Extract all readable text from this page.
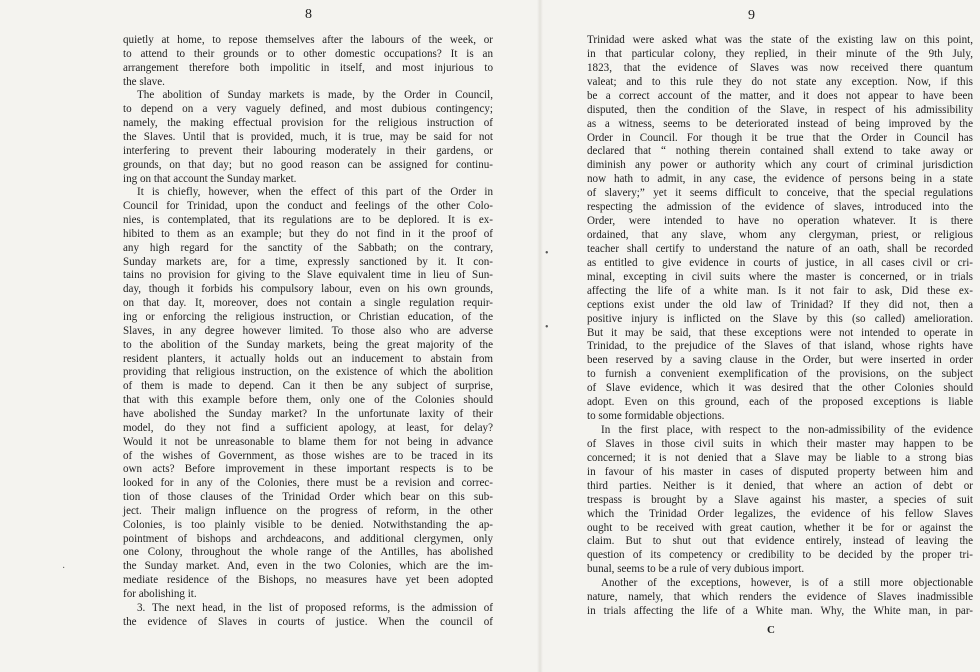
8
·
quietly at home, to repose themselves after the labours of the week, or
to attend to their grounds or to other domestic occupations? It is an
arrangement therefore both impolitic in itself, and most injurious to
the slave.
The abolition of Sunday markets is made, by the Order in Council,
to depend on a very vaguely defined, and most dubious contingency;
namely, the making effectual provision for the religious instruction of
the Slaves. Until that is provided, much, it is true, may be said for not
interfering to prevent their labouring moderately in their gardens, or
grounds, on that day; but no good reason can be assigned for continu-
ing on that account the Sunday market.
It is chiefly, however, when the effect of this part of the Order in
Council for Trinidad, upon the conduct and feelings of the other Colo-
nies, is contemplated, that its regulations are to be deplored. It is ex-
hibited to them as an example; but they do not find in it the proof of
any high regard for the sanctity of the Sabbath; on the contrary,
Sunday markets are, for a time, expressly sanctioned by it. It con-
tains no provision for giving to the Slave equivalent time in lieu of Sun-
day, though it forbids his compulsory labour, even on his own grounds,
on that day. It, moreover, does not contain a single regulation requir-
ing or enforcing the religious instruction, or Christian education, of the
Slaves, in any degree however limited. To those also who are adverse
to the abolition of the Sunday markets, being the great majority of the
resident planters, it actually holds out an inducement to abstain from
providing that religious instruction, on the existence of which the abolition
of them is made to depend. Can it then be any subject of surprise,
that with this example before them, only one of the Colonies should
have abolished the Sunday market? In the unfortunate laxity of their
model, do they not find a sufficient apology, at least, for delay?
Would it not be unreasonable to blame them for not being in advance
of the wishes of Government, as those wishes are to be traced in its
own acts? Before improvement in these important respects is to be
looked for in any of the Colonies, there must be a revision and correc-
tion of those clauses of the Trinidad Order which bear on this sub-
ject. Their malign influence on the progress of reform, in the other
Colonies, is too plainly visible to be denied. Notwithstanding the ap-
pointment of bishops and archdeacons, and additional clergymen, only
one Colony, throughout the whole range of the Antilles, has abolished
the Sunday market. And, even in the two Colonies, which are the im-
mediate residence of the Bishops, no measures have yet been adopted
for abolishing it.
3. The next head, in the list of proposed reforms, is the admission of
the evidence of Slaves in courts of justice. When the council of
9
•
•
C
Trinidad were asked what was the state of the existing law on this point,
in that particular colony, they replied, in their minute of the 9th July,
1823, that the evidence of Slaves was now received there quantum
valeat; and to this rule they do not state any exception. Now, if this
be a correct account of the matter, and it does not appear to have been
disputed, then the condition of the Slave, in respect of his admissibility
as a witness, seems to be deteriorated instead of being improved by the
Order in Council. For though it be true that the Order in Council has
declared that “ nothing therein contained shall extend to take away or
diminish any power or authority which any court of criminal jurisdiction
now hath to admit, in any case, the evidence of persons being in a state
of slavery;” yet it seems difficult to conceive, that the special regulations
respecting the admission of the evidence of slaves, introduced into the
Order, were intended to have no operation whatever. It is there
ordained, that any slave, whom any clergyman, priest, or religious
teacher shall certify to understand the nature of an oath, shall be recorded
as entitled to give evidence in courts of justice, in all cases civil or cri-
minal, excepting in civil suits where the master is concerned, or in trials
affecting the life of a white man. Is it not fair to ask, Did these ex-
ceptions exist under the old law of Trinidad? If they did not, then a
positive injury is inflicted on the Slave by this (so called) amelioration.
But it may be said, that these exceptions were not intended to operate in
Trinidad, to the prejudice of the Slaves of that island, whose rights have
been reserved by a saving clause in the Order, but were inserted in order
to furnish a convenient exemplification of the provisions, on the subject
of Slave evidence, which it was desired that the other Colonies should
adopt. Even on this ground, each of the proposed exceptions is liable
to some formidable objections.
In the first place, with respect to the non-admissibility of the evidence
of Slaves in those civil suits in which their master may happen to be
concerned; it is not denied that a Slave may be liable to a strong bias
in favour of his master in cases of disputed property between him and
third parties. Neither is it denied, that where an action of debt or
trespass is brought by a Slave against his master, a species of suit
which the Trinidad Order legalizes, the evidence of his fellow Slaves
ought to be received with great caution, whether it be for or against the
claim. But to shut out that evidence entirely, instead of leaving the
question of its competency or credibility to be decided by the proper tri-
bunal, seems to be a rule of very dubious import.
Another of the exceptions, however, is of a still more objectionable
nature, namely, that which renders the evidence of Slaves inadmissible
in trials affecting the life of a White man. Why, the White man, in par-
